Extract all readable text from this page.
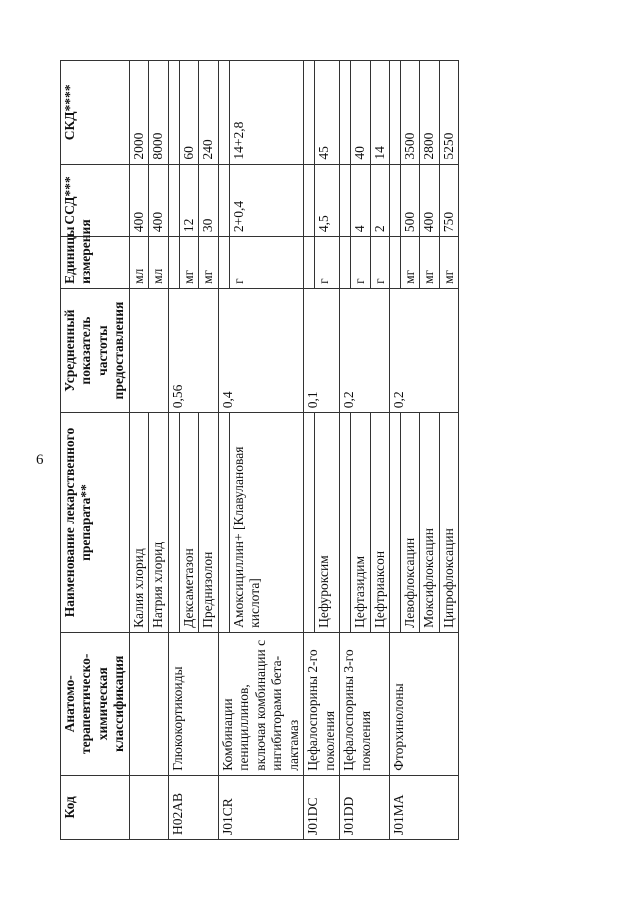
6
Код	Анатомо-терапевтическо-химическая классификация	Наименование лекарственного препарата**	Усредненный показатель частоты предоставления	Единицы измерения	ССД***	СКД****
		Калия хлорид		мл	400	2000
		Натрия хлорид		мл	400	8000
H02AB	Глюкокортикоиды		0,56			
		Дексаметазон		мг	12	60
		Преднизолон		мг	30	240
J01CR	Комбинации пенициллинов, включая комбинации с ингибиторами бета-лактамаз		0,4			
		Амоксициллин+ [Клавулановая кислота]		г	2+0,4	14+2,8
J01DC	Цефалоспорины 2-го поколения		0,1			
		Цефуроксим		г	4,5	45
J01DD	Цефалоспорины 3-го поколения		0,2			
		Цефтазидим		г	4	40
		Цефтриаксон		г	2	14
J01MA	Фторхинолоны		0,2			
		Левофлоксацин		мг	500	3500
		Моксифлоксацин		мг	400	2800
		Ципрофлоксацин		мг	750	5250
